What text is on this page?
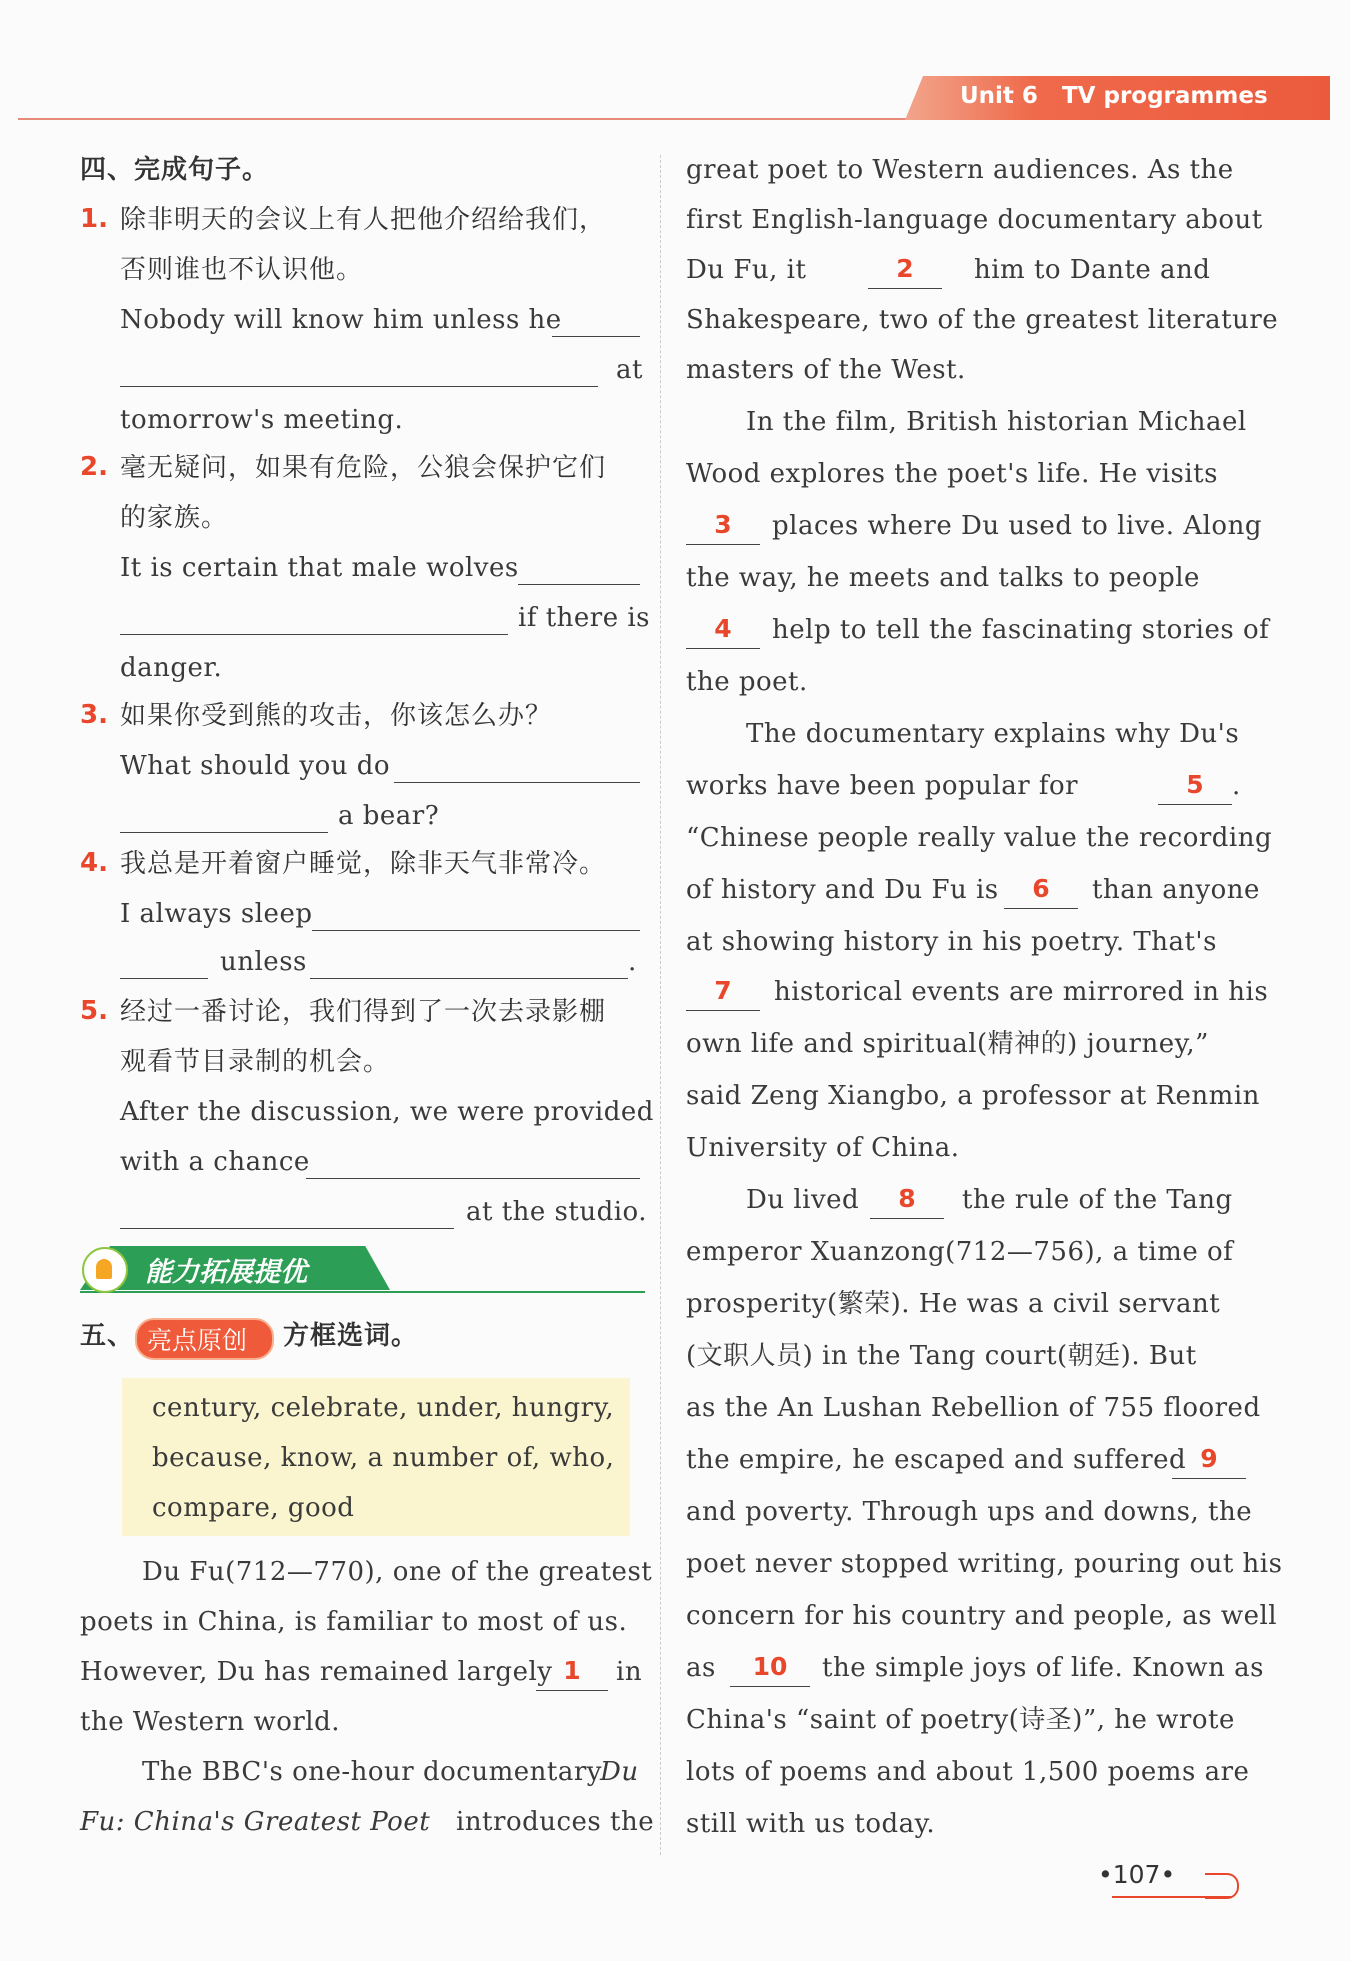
Unit 6 TV programmes
四、完成句子。
1. 除非明天的会议上有人把他介绍给我们，
否则谁也不认识他。
Nobody will know him unless he
at
tomorrow's meeting.
2. 毫无疑问，如果有危险，公狼会保护它们
的家族。
It is certain that male wolves
if there is
danger.
3. 如果你受到熊的攻击，你该怎么办？
What should you do
a bear?
4. 我总是开着窗户睡觉，除非天气非常冷。
I always sleep
unless	.
5. 经过一番讨论，我们得到了一次去录影棚
观看节目录制的机会。
After the discussion, we were provided
with a chance
at the studio.
能力拓展提优
五、 亮点原创 方框选词。
century, celebrate, under, hungry,
because, know, a number of, who,
compare, good
Du Fu(712—770), one of the greatest
poets in China, is familiar to most of us.
However, Du has remained largely 1	in
the Western world.
The BBC's one-hour documentary
Du
Fu: China's Greatest Poet introduces the
great poet to Western audiences. As the
first English-language documentary about
Du Fu, it	2	him to Dante and
Shakespeare, two of the greatest literature
masters of the West.
In the film, British historian Michael
Wood explores the poet's life. He visits
3	places where Du used to live. Along
the way, he meets and talks to people
4	help to tell the fascinating stories of
the poet.
The documentary explains why Du's
works have been popular for	5	.
“Chinese people really value the recording
of history and Du Fu is	6	than anyone
at showing history in his poetry. That's
7	historical events are mirrored in his
own life and spiritual(精神的) journey,”
said Zeng Xiangbo, a professor at Renmin
University of China.
Du lived	8	the rule of the Tang
emperor Xuanzong(712—756), a time of
prosperity(繁荣). He was a civil servant
(文职人员) in the Tang court(朝廷). But
as the An Lushan Rebellion of 755 floored
the empire, he escaped and suffered 9
and poverty. Through ups and downs, the
poet never stopped writing, pouring out his
concern for his country and people, as well
as	10	the simple joys of life. Known as
China's “saint of poetry(诗圣)”, he wrote
lots of poems and about 1,500 poems are
still with us today.
•107•
